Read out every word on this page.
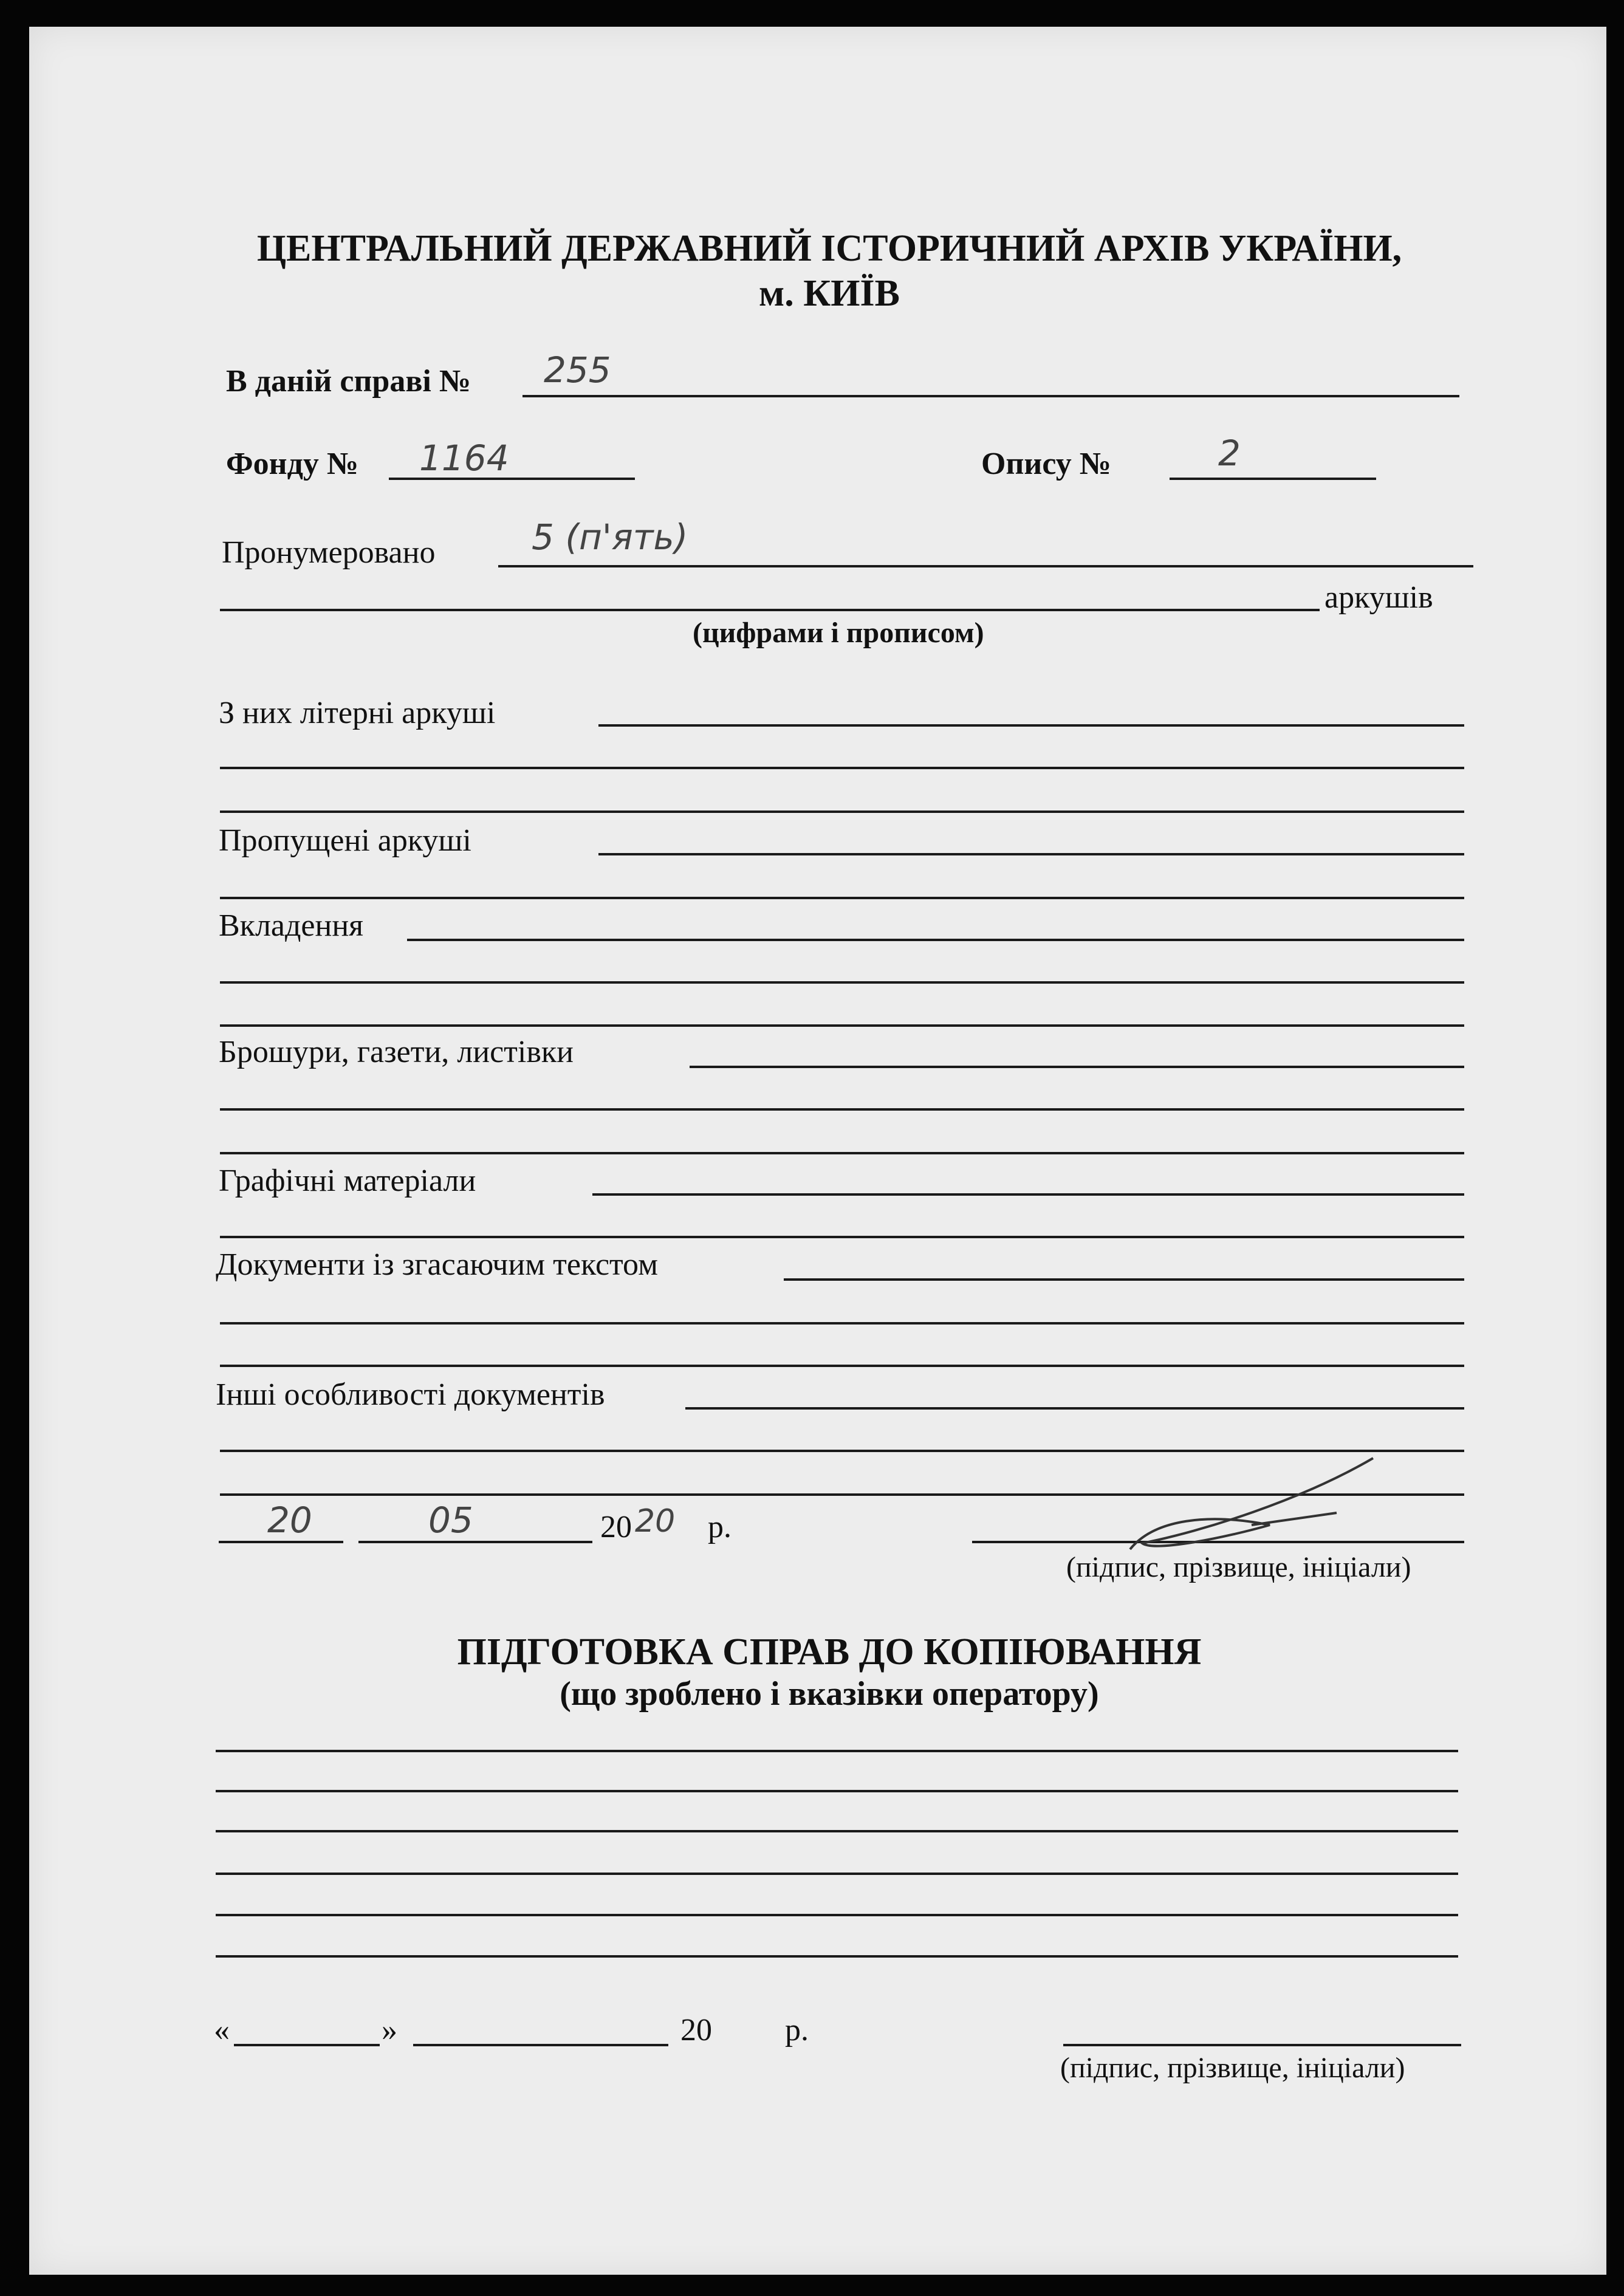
ЦЕНТРАЛЬНИЙ ДЕРЖАВНИЙ ІСТОРИЧНИЙ АРХІВ УКРАЇНИ,
м. КИЇВ
В даній справі № 255
Фонду № 1164	Опису №	2
Пронумеровано	5 (п'ять)
аркушів
(цифрами і прописом)
З них літерні аркуші
Пропущені аркуші
Вкладення
Брошури, газети, листівки
Графічні матеріали
Документи із згасаючим текстом
Інші особливості документів
20	05	20 20 р.
(підпис, прізвище, ініціали)
ПІДГОТОВКА СПРАВ ДО КОПІЮВАННЯ
(що зроблено і вказівки оператору)
«	»	20 р.
(підпис, прізвище, ініціали)
